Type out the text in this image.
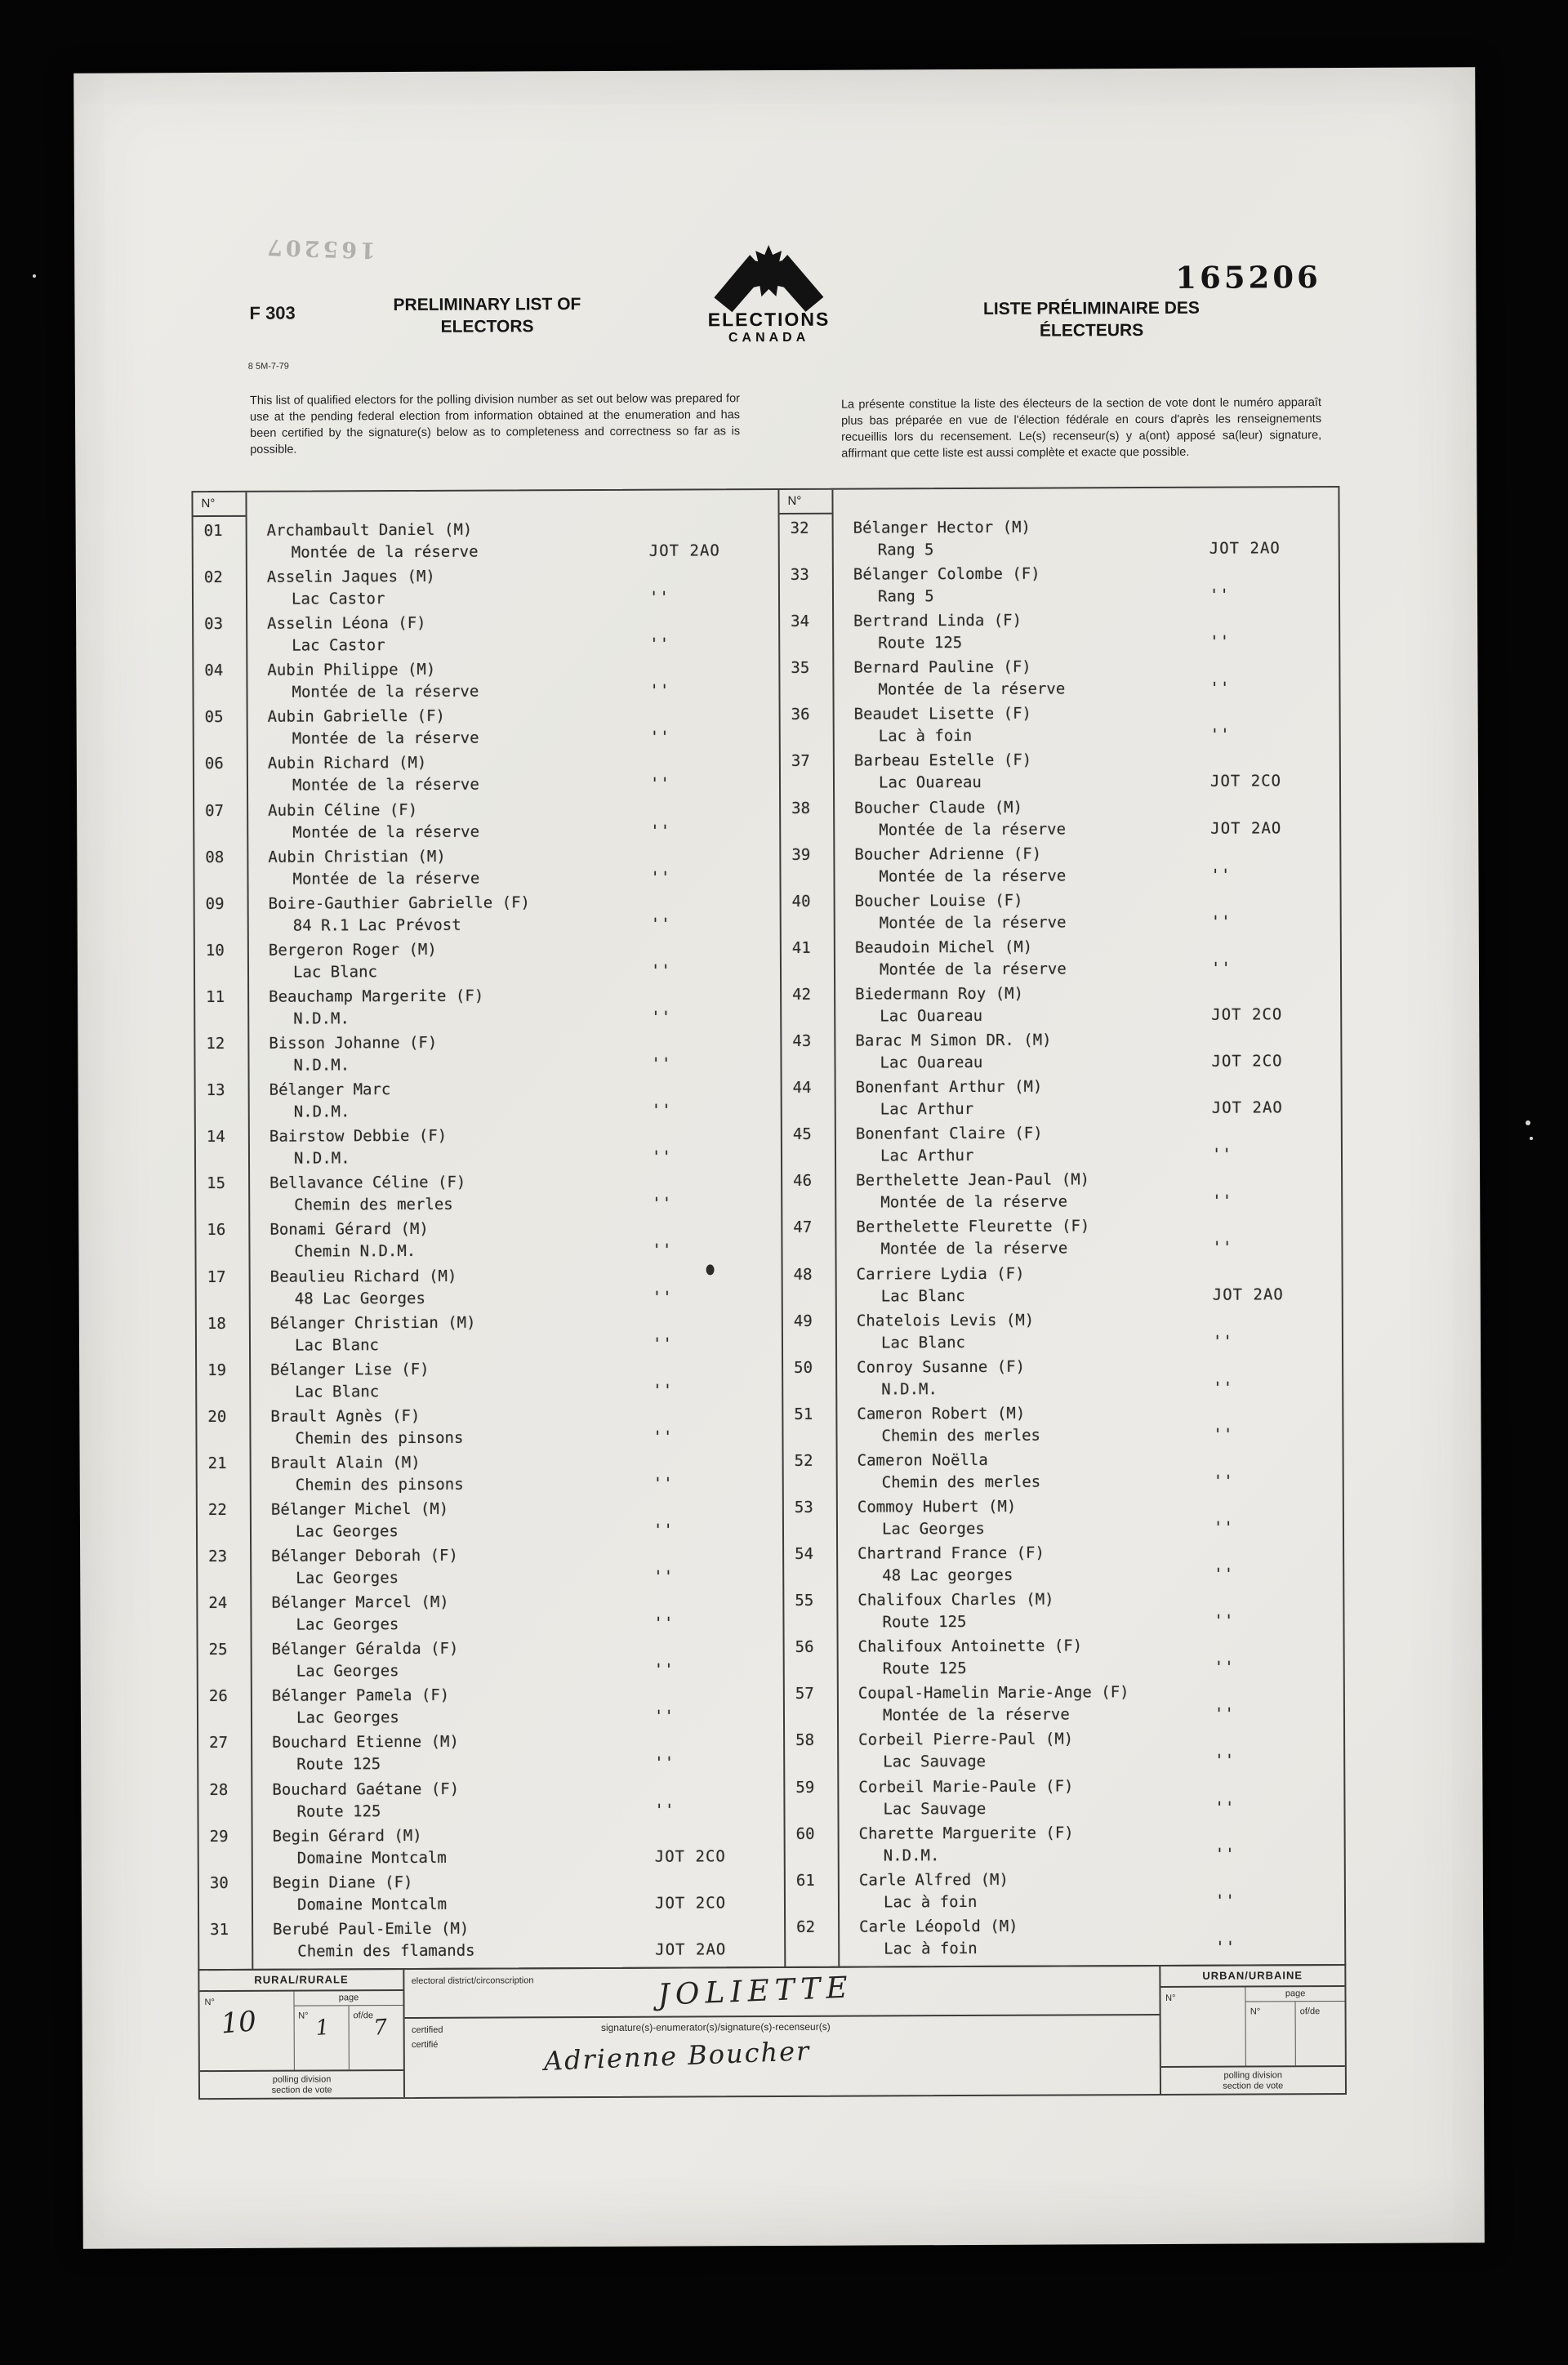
165207
F 303	PRELIMINARY LIST OF
ELECTORS
8 5M-7-79
ELECTIONS
CANADA
165206
LISTE PRÉLIMINAIRE DES
ÉLECTEURS
This list of qualified electors for the polling division number as set out below was prepared for use at the pending federal election from information obtained at the enumeration and has been certified by the signature(s) below as to completeness and correctness so far as is possible.
La présente constitue la liste des électeurs de la section de vote dont le numéro apparaît plus bas préparée en vue de l'élection fédérale en cours d'après les renseignements recueillis lors du recensement. Le(s) recenseur(s) y a(ont) apposé sa(leur) signature, affirmant que cette liste est aussi complète et exacte que possible.
N°
01	Archambault Daniel (M)
Montée de la réserve	JOT 2AO
02	Asselin Jaques (M)
Lac Castor	''
03	Asselin Léona (F)
Lac Castor	''
04	Aubin Philippe (M)
Montée de la réserve	''
05	Aubin Gabrielle (F)
Montée de la réserve	''
06	Aubin Richard (M)
Montée de la réserve	''
07	Aubin Céline (F)
Montée de la réserve	''
08	Aubin Christian (M)
Montée de la réserve	''
09	Boire-Gauthier Gabrielle (F)
84 R.1 Lac Prévost	''
10	Bergeron Roger (M)
Lac Blanc	''
11	Beauchamp Margerite (F)
N.D.M.	''
12	Bisson Johanne (F)
N.D.M.	''
13	Bélanger Marc
N.D.M.	''
14	Bairstow Debbie (F)
N.D.M.	''
15	Bellavance Céline (F)
Chemin des merles	''
16	Bonami Gérard (M)
Chemin N.D.M.	''
17	Beaulieu Richard (M)
48 Lac Georges	''
18	Bélanger Christian (M)
Lac Blanc	''
19	Bélanger Lise (F)
Lac Blanc	''
20	Brault Agnès (F)
Chemin des pinsons	''
21	Brault Alain (M)
Chemin des pinsons	''
22	Bélanger Michel (M)
Lac Georges	''
23	Bélanger Deborah (F)
Lac Georges	''
24	Bélanger Marcel (M)
Lac Georges	''
25	Bélanger Géralda (F)
Lac Georges	''
26	Bélanger Pamela (F)
Lac Georges	''
27	Bouchard Etienne (M)
Route 125	''
28	Bouchard Gaétane (F)
Route 125	''
29	Begin Gérard (M)
Domaine Montcalm	JOT 2CO
30	Begin Diane (F)
Domaine Montcalm	JOT 2CO
31	Berubé Paul-Emile (M)
Chemin des flamands	JOT 2AO
N°
32	Bélanger Hector (M)
Rang 5	JOT 2AO
33	Bélanger Colombe (F)
Rang 5	''
34	Bertrand Linda (F)
Route 125	''
35	Bernard Pauline (F)
Montée de la réserve	''
36	Beaudet Lisette (F)
Lac à foin	''
37	Barbeau Estelle (F)
Lac Ouareau	JOT 2CO
38	Boucher Claude (M)
Montée de la réserve	JOT 2AO
39	Boucher Adrienne (F)
Montée de la réserve	''
40	Boucher Louise (F)
Montée de la réserve	''
41	Beaudoin Michel (M)
Montée de la réserve	''
42	Biedermann Roy (M)
Lac Ouareau	JOT 2CO
43	Barac M Simon DR. (M)
Lac Ouareau	JOT 2CO
44	Bonenfant Arthur (M)
Lac Arthur	JOT 2AO
45	Bonenfant Claire (F)
Lac Arthur	''
46	Berthelette Jean-Paul (M)
Montée de la réserve	''
47	Berthelette Fleurette (F)
Montée de la réserve	''
48	Carriere Lydia (F)
Lac Blanc	JOT 2AO
49	Chatelois Levis (M)
Lac Blanc	''
50	Conroy Susanne (F)
N.D.M.	''
51	Cameron Robert (M)
Chemin des merles	''
52	Cameron Noëlla
Chemin des merles	''
53	Commoy Hubert (M)
Lac Georges	''
54	Chartrand France (F)
48 Lac georges	''
55	Chalifoux Charles (M)
Route 125	''
56	Chalifoux Antoinette (F)
Route 125	''
57	Coupal-Hamelin Marie-Ange (F)
Montée de la réserve	''
58	Corbeil Pierre-Paul (M)
Lac Sauvage	''
59	Corbeil Marie-Paule (F)
Lac Sauvage	''
60	Charette Marguerite (F)
N.D.M.	''
61	Carle Alfred (M)
Lac à foin	''
62	Carle Léopold (M)
Lac à foin	''
RURAL/RURALE
N°
10
page
N° 1	of/de 7
polling division
section de vote
electoral district/circonscription	JOLIETTE
certified
certifié
signature(s)-enumerator(s)/signature(s)-recenseur(s)
Adrienne Boucher
URBAN/URBAINE
N°	page
N°	of/de
polling division
section de vote
